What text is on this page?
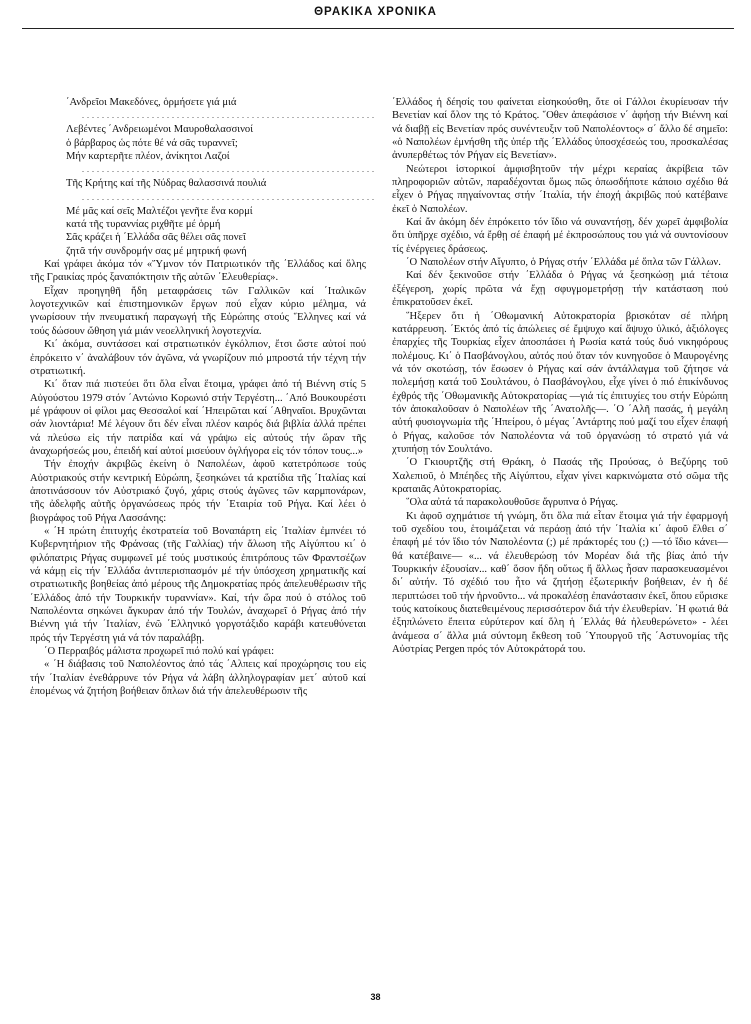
ΘΡΑΚΙΚΑ ΧΡΟΝΙΚΑ
΄Ανδρεῖοι Μακεδόνες, ὁρμήσετε γιά μιά
...........................................................
Λεβέντες ΄Ανδρειωμένοι Μαυροθαλασσινοί
ὁ βάρβαρος ὡς πότε θέ νά σᾶς τυραννεῖ;
Μήν καρτερῆτε πλέον, ἀνίκητοι Λαζοί
...........................................................
Τῆς Κρήτης καί τῆς Νύδρας θαλασσινά πουλιά
...........................................................
Μέ μᾶς καί σεῖς Μαλτέζοι γενῆτε ἕνα κορμί
κατά τῆς τυραννίας ριχθῆτε μέ ὁρμή
Σᾶς κράζει ἡ ΄Ελλάδα σᾶς θέλει σᾶς πονεῖ
ζητᾶ τήν συνδρομήν σας μέ μητρική φωνή

Καί γράφει ἀκόμα τόν «Ὕμνον τόν Πατριωτικόν τῆς ΄Ελλάδος καί ὅλης τῆς Γραικίας πρός ξαναπόκτησιν τῆς αὐτῶν ΄Ελευθερίας».

Εἶχαν προηγηθῆ ἤδη μεταφράσεις τῶν Γαλλικῶν καί ΄Ιταλικῶν λογοτεχνικῶν καί ἐπιστημονικῶν ἔργων πού εἶχαν κύριο μέλημα, νά γνωρίσουν τήν πνευματική παραγωγή τῆς Εὐρώπης στούς ῞Ελληνες καί νά τούς δώσουν ὤθηση γιά μιάν νεοελληνική λογοτεχνία.

Κι΄ ἀκόμα, συντάσσει καί στρατιωτικόν ἐγκόλπιον, ἔτσι ὥστε αὐτοί πού ἐπρόκειτο ν΄ ἀναλάβουν τόν ἀγῶνα, νά γνωρίζουν πιό μπροστά τήν τέχνη τήν στρατιωτική.

Κι΄ ὅταν πιά πιστεύει ὅτι ὅλα εἶναι ἕτοιμα, γράφει ἀπό τή Βιέννη στίς 5 Αὐγούστου 1979 στόν ΄Αντώνιο Κορωνιό στήν Τεργέστη... ΄Από Βουκουρέστι μέ γράφουν οἱ φίλοι μας Θεσσαλοί καί ΄Ηπειρῶται καί ΄Αθηναῖοι. Βρυχῶνται σάν λιοντάρια! Μέ λέγουν ὅτι δέν εἶναι πλέον καιρός διά βιβλία ἀλλά πρέπει νά πλεύσω εἰς τήν πατρίδα καί νά γράψω εἰς αὐτούς τήν ὥραν τῆς ἀναχωρήσεώς μου, ἐπειδή καί αὐτοί μισεύουν ὀγλήγορα εἰς τόν τόπον τους...»

Τήν ἐποχήν ἀκριβῶς ἐκείνη ὁ Ναπολέων, ἀφοῦ κατετρόπωσε τούς Αὐστριακούς στήν κεντρική Εὐρώπη, ξεσηκώνει τά κρατίδια τῆς ΄Ιταλίας καί ἀποτινάσσουν τόν Αὐστριακό ζυγό, χάρις στούς ἀγῶνες τῶν καρμπονάρων, τῆς ἀδελφῆς αὐτῆς ὀργανώσεως πρός τήν ΄Εταιρία τοῦ Ρήγα. Καί λέει ὁ βιογράφος τοῦ Ρήγα Λασσάνης:

« ΄Η πρώτη ἐπιτυχής ἐκστρατεία τοῦ Βοναπάρτη εἰς ΄Ιταλίαν ἐμπνέει τό Κυβερνητήριον τῆς Φράνσας (τῆς Γαλλίας) τήν ἅλωση τῆς Αἰγύπτου κι΄ ὁ φιλόπατρις Ρήγας συμφωνεῖ μέ τούς μυστικούς ἐπιτρόπους τῶν Φραντσέζων νά κάμῃ εἰς τήν ΄Ελλάδα ἀντιπερισπασμόν μέ τήν ὑπόσχεση χρηματικῆς καί στρατιωτικῆς βοηθείας ἀπό μέρους τῆς Δημοκρατίας πρός ἀπελευθέρωσιν τῆς ΄Ελλάδος ἀπό τήν Τουρκικήν τυραννίαν». Καί, τήν ὥρα πού ὁ στόλος τοῦ Ναπολέοντα σηκώνει ἄγκυραν ἀπό τήν Τουλών, ἀναχωρεῖ ὁ Ρήγας ἀπό τήν Βιέννη γιά τήν ΄Ιταλίαν, ἐνῶ ΄Ελληνικό γοργοτάξιδο καράβι κατευθύνεται πρός τήν Τεργέστη γιά νά τόν παραλάβῃ.

΄Ο Περραιβός μάλιστα προχωρεῖ πιό πολύ καί γράφει:

« ΄Η διάβασις τοῦ Ναπολέοντος ἀπό τάς ΄Αλπεις καί προχώρησις του εἰς τήν ΄Ιταλίαν ἐνεθάρρυνε τόν Ρήγα νά λάβη ἀλληλογραφίαν μετ΄ αὐτοῦ καί ἑπομένως νά ζητήση βοήθειαν ὅπλων διά τήν ἀπελευθέρωσιν τῆς

΄Ελλάδος ἡ δέησίς του φαίνεται εἰσηκούσθη, ὅτε οἱ Γάλλοι ἐκυρίευσαν τήν Βενετίαν καί ὅλον της τό Κράτος. ῞Οθεν ἀπεφάσισε ν΄ ἀφήσῃ τήν Βιέννη καί νά διαβῇ εἰς Βενετίαν πρός συνέντευξιν τοῦ Ναπολέοντος» σ΄ ἄλλο δέ σημεῖο: «ὁ Ναπολέων ἐμνήσθη τῆς ὑπέρ τῆς ΄Ελλάδος ὑποσχέσεώς του, προσκαλέσας ἀνυπερθέτως τόν Ρήγαν εἰς Βενετίαν».

Νεώτεροι ἱστορικοί ἀμφισβητοῦν τήν μέχρι κεραίας ἀκρίβεια τῶν πληροφοριῶν αὐτῶν, παραδέχονται ὅμως πῶς ὁπωσδήποτε κάποιο σχέδιο θά εἶχεν ὁ Ρήγας πηγαίνοντας στήν ΄Ιταλία, τήν ἐποχή ἀκριβῶς πού κατέβαινε ἐκεῖ ὁ Ναπολέων.

Καί ἄν ἀκόμη δέν ἐπρόκειτο τόν ἴδιο νά συναντήσῃ, δέν χωρεῖ ἀμφιβολία ὅτι ὑπῆρχε σχέδιο, νά ἔρθῃ σέ ἐπαφή μέ ἐκπροσώπους του γιά νά συντονίσουν τίς ἐνέργειες δράσεως.

΄Ο Ναπολέων στήν Αἴγυπτο, ὁ Ρήγας στήν ΄Ελλάδα μέ ὅπλα τῶν Γάλλων.

Καί δέν ξεκινοῦσε στήν ΄Ελλάδα ὁ Ρήγας νά ξεσηκώσῃ μιά τέτοια ἐξέγερση, χωρίς πρῶτα νά ἔχῃ σφυγμομετρήσῃ τήν κατάσταση πού ἐπικρατοῦσεν ἐκεῖ.

῞Ηξερεν ὅτι ἡ ΄Οθωμανική Αὐτοκρατορία βρισκόταν σέ πλήρη κατάρρευση. ΄Εκτός ἀπό τίς ἀπώλειες σέ ἔμψυχο καί ἄψυχο ὑλικό, ἀξιόλογες ἐπαρχίες τῆς Τουρκίας εἶχεν ἀποσπάσει ἡ Ρωσία κατά τούς δυό νικηφόρους πολέμους. Κι΄ ὁ Πασβάνογλου, αὐτός πού ὅταν τόν κυνηγοῦσε ὁ Μαυρογένης νά τόν σκοτώσῃ, τόν ἔσωσεν ὁ Ρήγας καί σάν ἀντάλλαγμα τοῦ ζήτησε νά πολεμήσῃ κατά τοῦ Σουλτάνου, ὁ Πασβάνογλου, εἶχε γίνει ὁ πιό ἐπικίνδυνος ἐχθρός τῆς ΄Οθωμανικῆς Αὐτοκρατορίας —γιά τίς ἐπιτυχίες του στήν Εὐρώπη τόν ἀποκαλοῦσαν ὁ Ναπολέων τῆς ΄Ανατολῆς—. ΄Ο ΄Αλῆ πασάς, ἡ μεγάλη αὐτή φυσιογνωμία τῆς ΄Ηπείρου, ὁ μέγας ΄Αντάρτης πού μαζί του εἶχεν ἐπαφή ὁ Ρήγας, καλοῦσε τόν Ναπολέοντα νά τοῦ ὀργανώσῃ τό στρατό γιά νά χτυπήσῃ τόν Σουλτάνο.

΄Ο Γκιουρτζῆς στή Θράκη, ὁ Πασάς τῆς Προύσας, ὁ Βεζύρης τοῦ Χαλεπιοῦ, ὁ Μπέηδες τῆς Αἰγύπτου, εἶχαν γίνει καρκινώματα στό σῶμα τῆς κραταιᾶς Αὐτοκρατορίας.

῞Ολα αὐτά τά παρακολουθοῦσε ἄγρυπνα ὁ Ρήγας.

Κι ἀφοῦ σχημάτισε τή γνώμη, ὅτι ὅλα πιά εἶταν ἕτοιμα γιά τήν ἐφαρμογή τοῦ σχεδίου του, ἑτοιμάζεται νά περάσῃ ἀπό τήν ΄Ιταλία κι΄ ἀφοῦ ἔλθει σ΄ ἐπαφή μέ τόν ἴδιο τόν Ναπολέοντα (;) μέ πράκτορές του (;) —τό ἴδιο κάνει— θά κατέβαινε— «... νά ἐλευθερώσῃ τόν Μορέαν διά τῆς βίας ἀπό τήν Τουρκικήν ἐξουσίαν... καθ΄ ὅσον ἤδη οὕτως ἤ ἄλλως ἦσαν παρασκευασμένοι δι΄ αὐτήν. Τό σχέδιό του ἦτο νά ζητήσῃ ἐξωτερικήν βοήθειαν, ἐν ἡ δέ περιπτώσει τοῦ τήν ἠρνοῦντο... νά προκαλέσῃ ἐπανάστασιν ἐκεῖ, ὅπου εὕρισκε τούς κατοίκους διατεθειμένους περισσότερον διά τήν ἐλευθερίαν. ΄Η φωτιά θά ἐξηπλώνετο ἔπειτα εὐρύτερον καί ὅλη ἡ ΄Ελλάς θά ἠλευθερώνετο» - λέει ἀνάμεσα σ΄ ἄλλα μιά σύντομη ἔκθεση τοῦ ΄Υπουργοῦ τῆς ΄Αστυνομίας τῆς Αὐστρίας Pergen πρός τόν Αὐτοκράτορά του.

38
